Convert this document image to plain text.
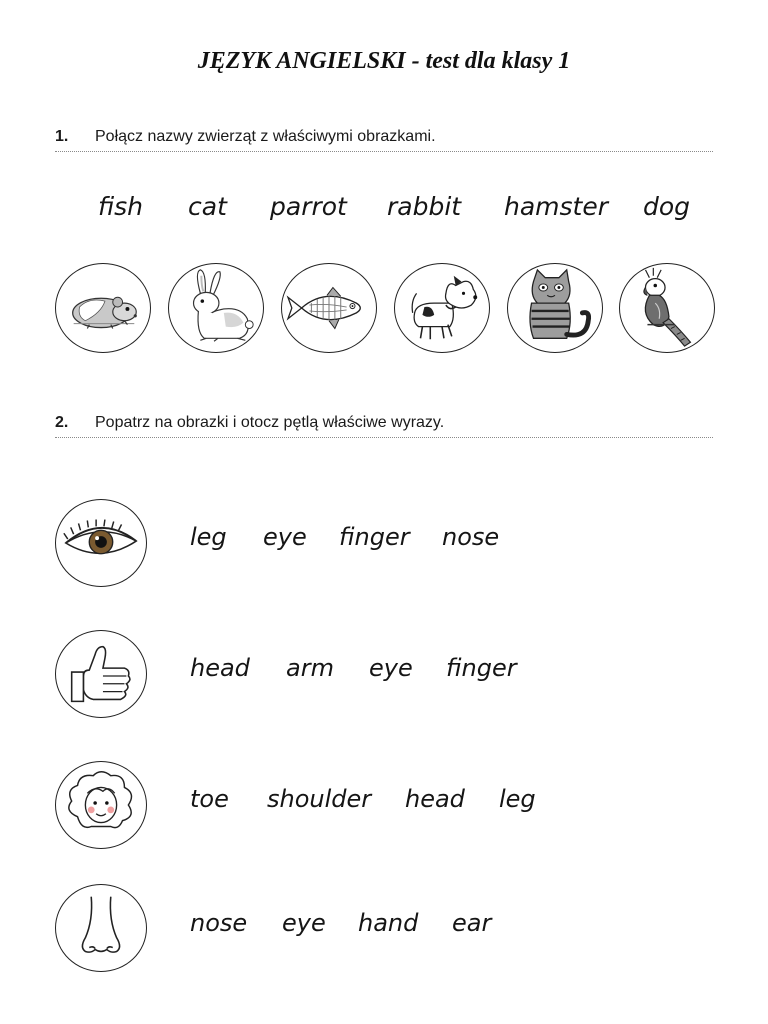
JĘZYK ANGIELSKI - test dla klasy 1
1. Połącz nazwy zwierząt z właściwymi obrazkami.
fish cat parrot rabbit hamster dog
2. Popatrz na obrazki i otocz pętlą właściwe wyrazy.
leg eye finger nose
head arm eye finger
toe shoulder head leg
nose eye hand ear
